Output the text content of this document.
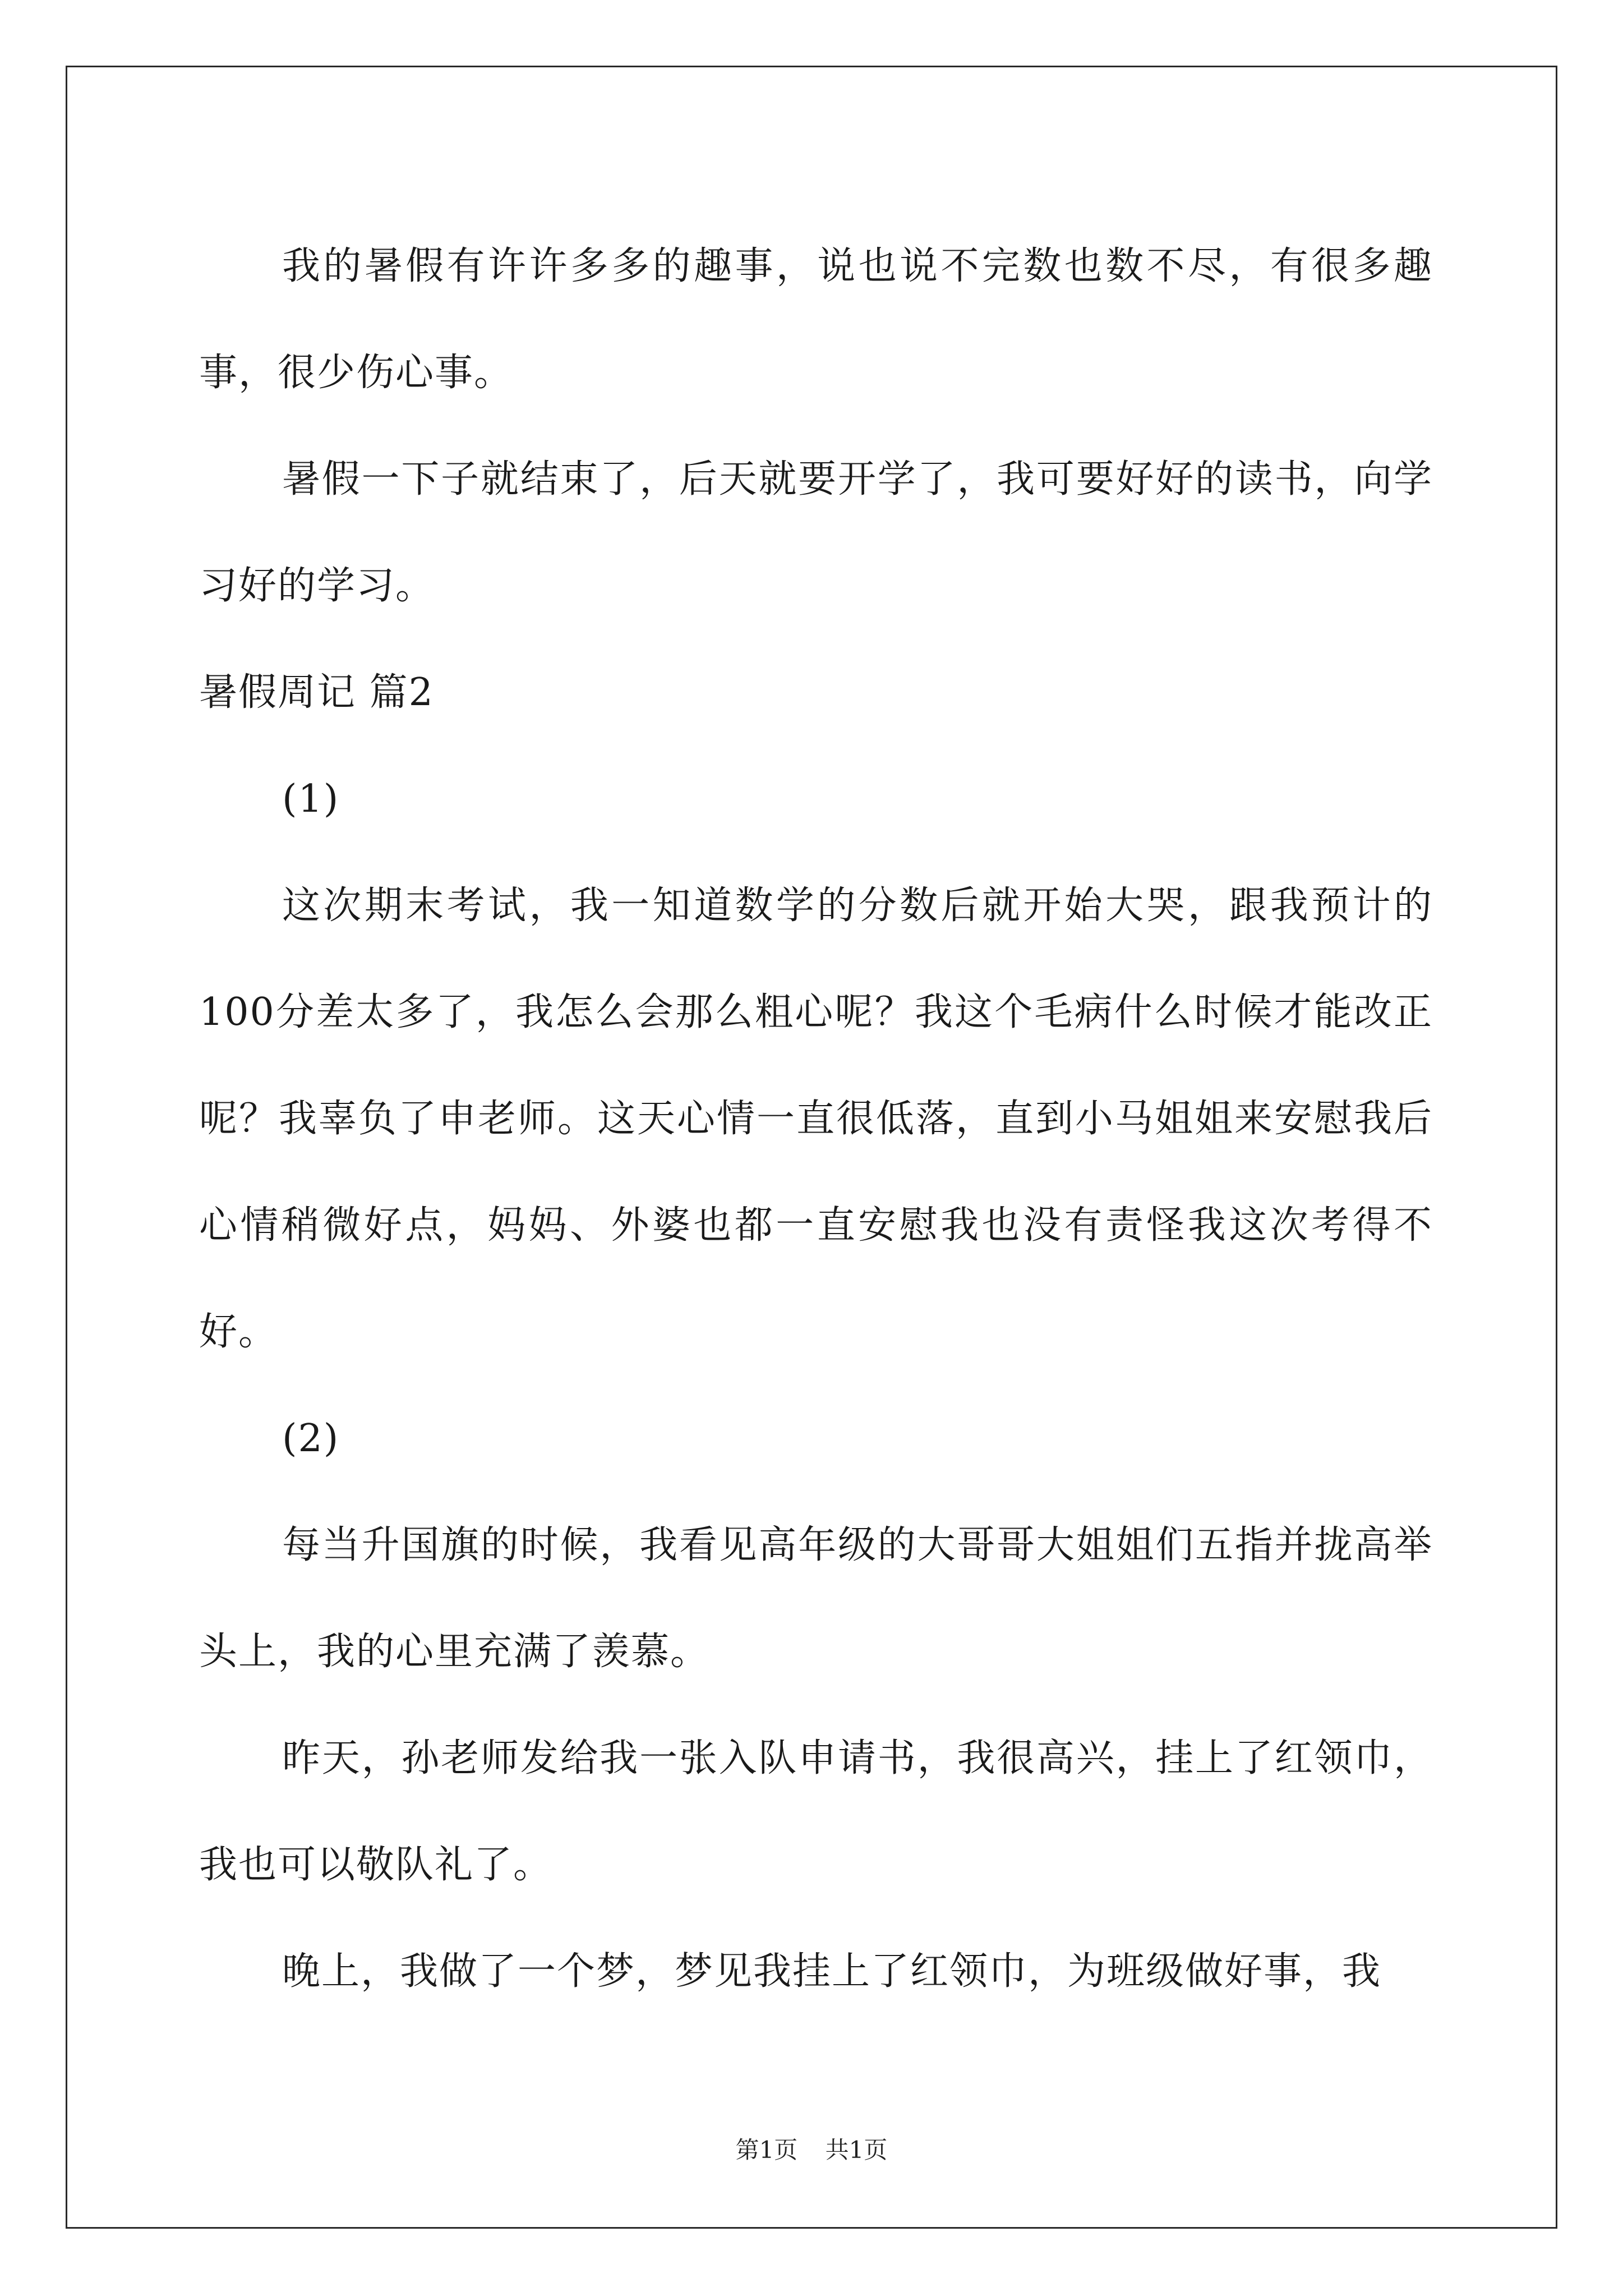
我的暑假有许许多多的趣事，说也说不完数也数不尽，有很多趣事，很少伤心事。

暑假一下子就结束了，后天就要开学了，我可要好好的读书，向学习好的学习。

暑假周记 篇2

(1)

这次期末考试，我一知道数学的分数后就开始大哭，跟我预计的100分差太多了，我怎么会那么粗心呢？我这个毛病什么时候才能改正呢？我辜负了申老师。这天心情一直很低落，直到小马姐姐来安慰我后心情稍微好点，妈妈、外婆也都一直安慰我也没有责怪我这次考得不好。

(2)

每当升国旗的时候，我看见高年级的大哥哥大姐姐们五指并拢高举头上，我的心里充满了羡慕。

昨天，孙老师发给我一张入队申请书，我很高兴，挂上了红领巾，我也可以敬队礼了。

晚上，我做了一个梦，梦见我挂上了红领巾，为班级做好事，我

第1页 共1页
